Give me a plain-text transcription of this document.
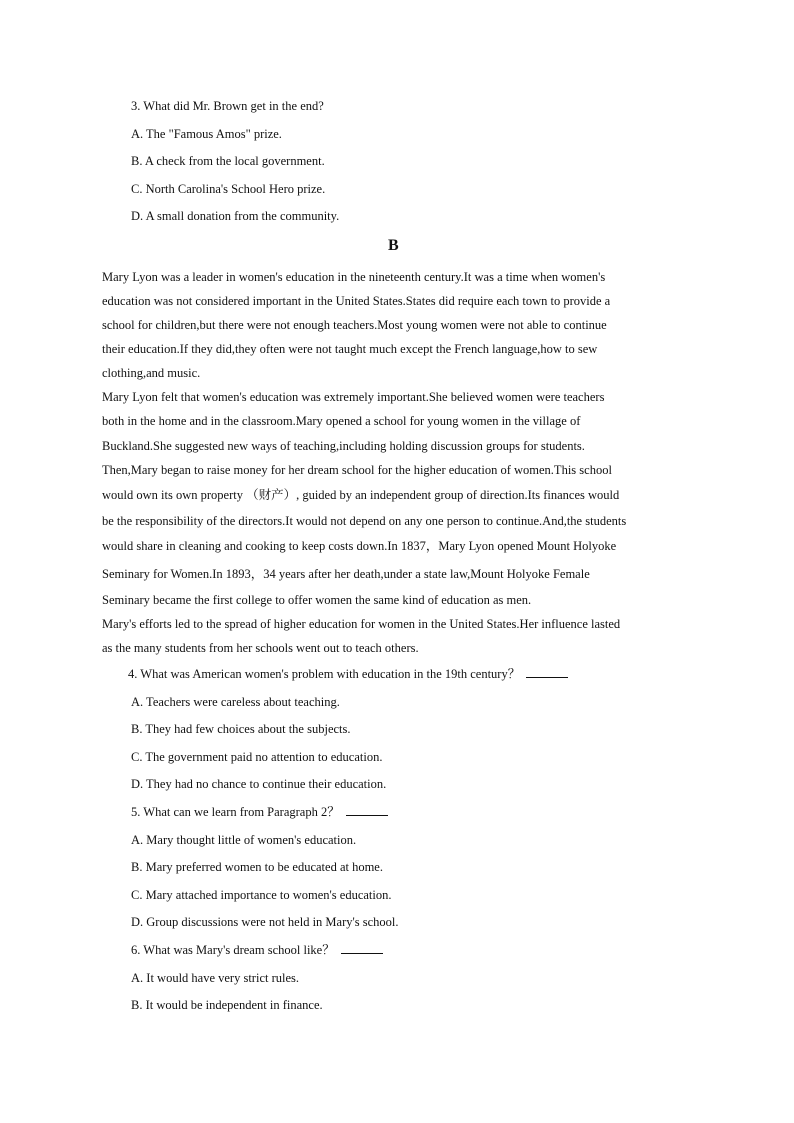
3. What did Mr. Brown get in the end?
A. The "Famous Amos" prize.
B. A check from the local government.
C. North Carolina's School Hero prize.
D. A small donation from the community.
B
Mary Lyon was a leader in women's education in the nineteenth century.It was a time when women's
education was not considered important in the United States.States did require each town to provide a
school for children,but there were not enough teachers.Most young women were not able to continue
their education.If they did,they often were not taught much except the French language,how to sew
clothing,and music.
Mary Lyon felt that women's education was extremely important.She believed women were teachers
both in the home and in the classroom.Mary opened a school for young women in the village of
Buckland.She suggested new ways of teaching,including holding discussion groups for students.
Then,Mary began to raise money for her dream school for the higher education of women.This school
would own its own property （财产）, guided by an independent group of direction.Its finances would
be the responsibility of the directors.It would not depend on any one person to continue.And,the students
would share in cleaning and cooking to keep costs down.In 1837，Mary Lyon opened Mount Holyoke
Seminary for Women.In 1893，34 years after her death,under a state law,Mount Holyoke Female
Seminary became the first college to offer women the same kind of education as men.
Mary's efforts led to the spread of higher education for women in the United States.Her influence lasted
as the many students from her schools went out to teach others.
4. What was American women's problem with education in the 19th century？
A. Teachers were careless about teaching.
B. They had few choices about the subjects.
C. The government paid no attention to education.
D. They had no chance to continue their education.
5. What can we learn from Paragraph 2？
A. Mary thought little of women's education.
B. Mary preferred women to be educated at home.
C. Mary attached importance to women's education.
D. Group discussions were not held in Mary's school.
6. What was Mary's dream school like？
A. It would have very strict rules.
B. It would be independent in finance.
